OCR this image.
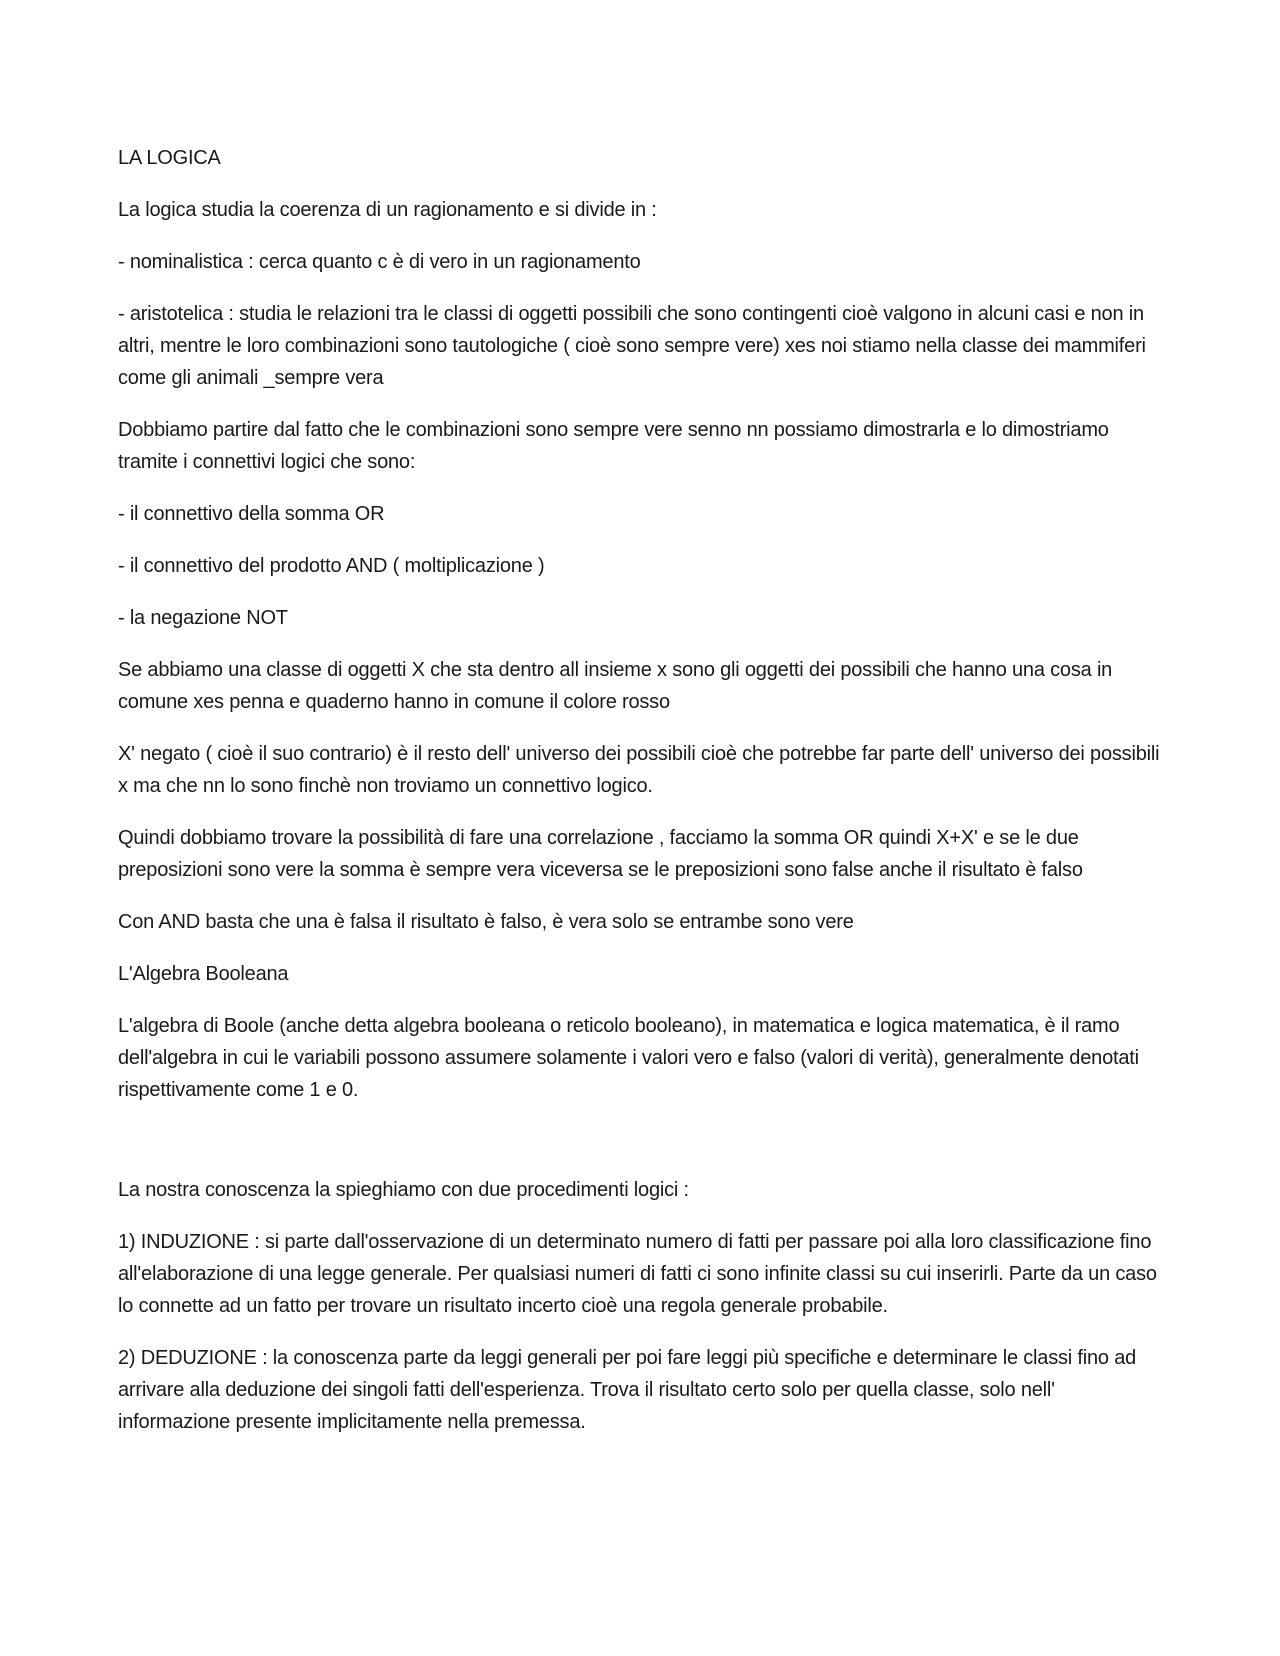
LA LOGICA

La logica studia la coerenza di un ragionamento e si divide in :

- nominalistica : cerca quanto c è di vero in un ragionamento

- aristotelica : studia le relazioni tra le classi di oggetti possibili che sono contingenti cioè valgono in alcuni casi e non in altri, mentre le loro combinazioni sono tautologiche ( cioè sono sempre vere) xes noi stiamo nella classe dei mammiferi come gli animali _sempre vera

Dobbiamo partire dal fatto che le combinazioni sono sempre vere senno nn possiamo dimostrarla e lo dimostriamo tramite i connettivi logici che sono:

- il connettivo della somma OR

- il connettivo del prodotto AND ( moltiplicazione )

- la negazione NOT

Se abbiamo una classe di oggetti X che sta dentro all insieme x sono gli oggetti dei possibili che hanno una cosa in comune xes penna e quaderno hanno in comune il colore rosso

X' negato ( cioè il suo contrario) è il resto dell' universo dei possibili cioè che potrebbe far parte dell' universo dei possibili x ma che nn lo sono finchè non troviamo un connettivo logico.

Quindi dobbiamo trovare la possibilità di fare una correlazione , facciamo la somma OR quindi X+X' e se le due preposizioni sono vere la somma è sempre vera viceversa se le preposizioni sono false anche il risultato è falso

Con AND basta che una è falsa il risultato è falso, è vera solo se entrambe sono vere

L'Algebra Booleana

L'algebra di Boole (anche detta algebra booleana o reticolo booleano), in matematica e logica matematica, è il ramo dell'algebra in cui le variabili possono assumere solamente i valori vero e falso (valori di verità), generalmente denotati rispettivamente come 1 e 0.

La nostra conoscenza la spieghiamo con due procedimenti logici :

1) INDUZIONE : si parte dall'osservazione di un determinato numero di fatti per passare poi alla loro classificazione fino all'elaborazione di una legge generale. Per qualsiasi numeri di fatti ci sono infinite classi su cui inserirli. Parte da un caso lo connette ad un fatto per trovare un risultato incerto cioè una regola generale probabile.

2) DEDUZIONE : la conoscenza parte da leggi generali per poi fare leggi più specifiche e determinare le classi fino ad arrivare alla deduzione dei singoli fatti dell'esperienza. Trova il risultato certo solo per quella classe, solo nell' informazione presente implicitamente nella premessa.
